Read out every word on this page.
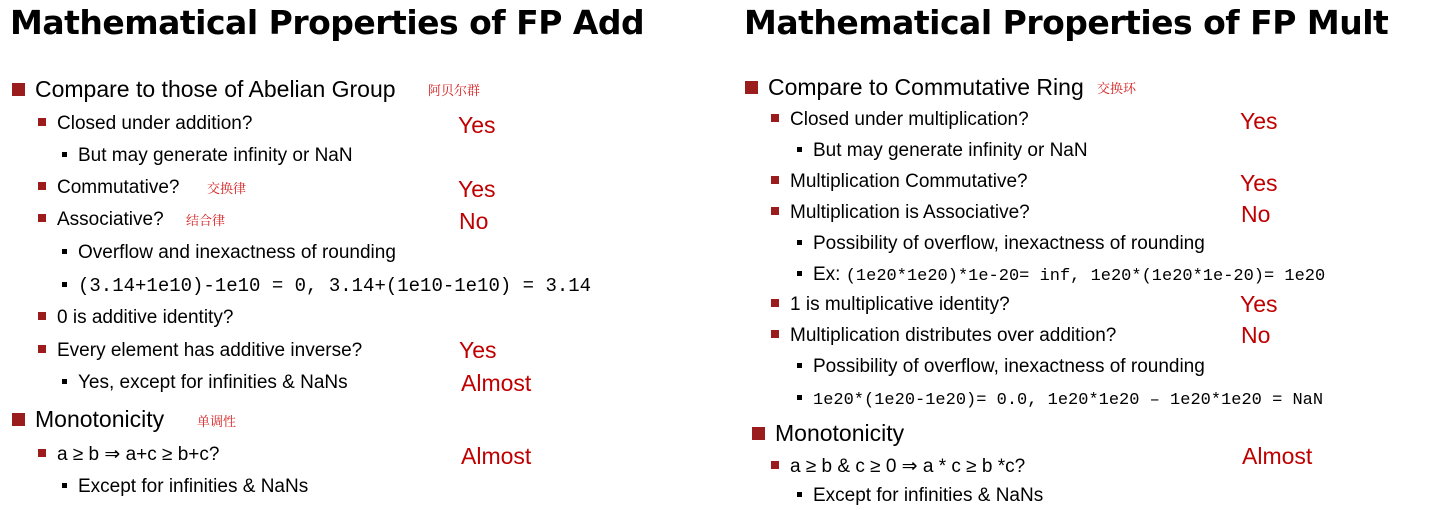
Mathematical Properties of FP Add
Compare to those of Abelian Group 阿贝尔群
Closed under addition?	Yes
But may generate infinity or NaN
Commutative? 交换律	Yes
Associative? 结合律	No
Overflow and inexactness of rounding
(3.14+1e10)-1e10 = 0, 3.14+(1e10-1e10) = 3.14
0 is additive identity?
Every element has additive inverse?	Yes
Yes, except for infinities & NaNs	Almost
Monotonicity	单调性
a ≥ b ⇒ a+c ≥ b+c?	Almost
Except for infinities & NaNs
Mathematical Properties of FP Mult
Compare to Commutative Ring 交换环
Closed under multiplication?	Yes
But may generate infinity or NaN
Multiplication Commutative?	Yes
Multiplication is Associative?	No
Possibility of overflow, inexactness of rounding
Ex: (1e20*1e20)*1e-20= inf, 1e20*(1e20*1e-20)= 1e20
1 is multiplicative identity?	Yes
Multiplication distributes over addition?	No
Possibility of overflow, inexactness of rounding
1e20*(1e20-1e20)= 0.0, 1e20*1e20 – 1e20*1e20 = NaN
Monotonicity
a ≥ b & c ≥ 0 ⇒ a * c ≥ b *c?	Almost
Except for infinities & NaNs
